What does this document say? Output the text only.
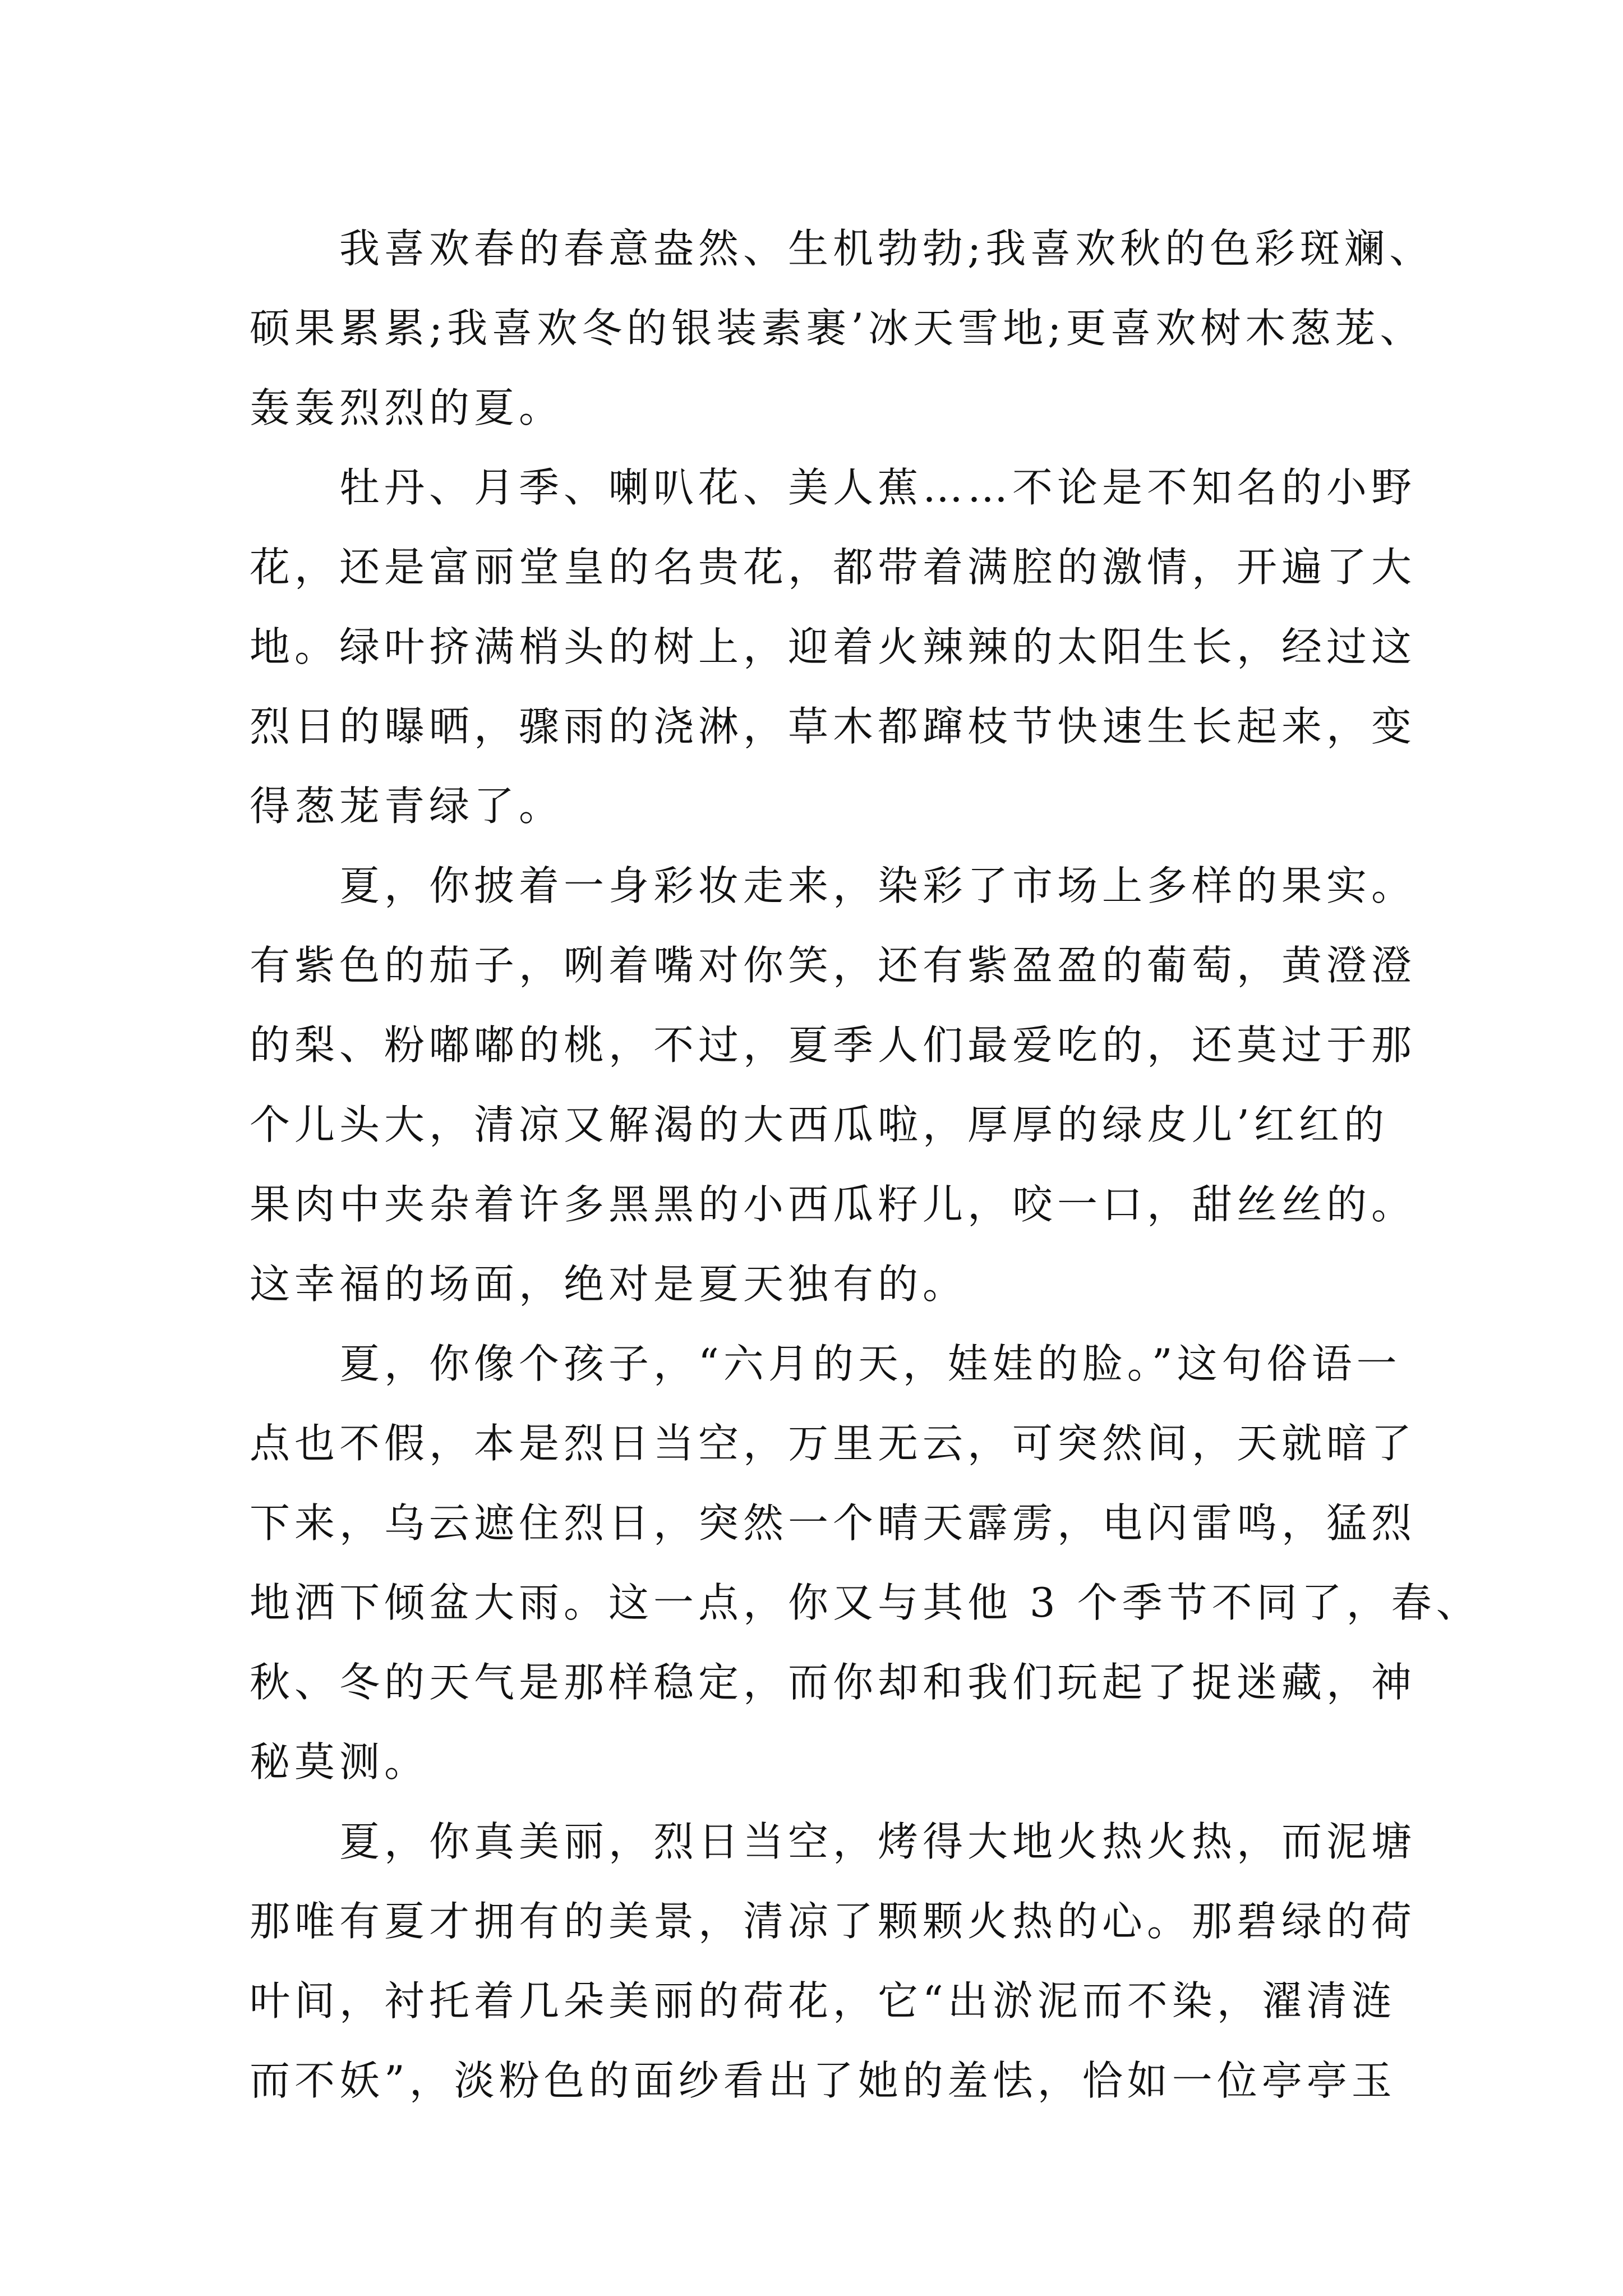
我喜欢春的春意盎然、生机勃勃;我喜欢秋的色彩斑斓、
硕果累累;我喜欢冬的银装素裹’冰天雪地;更喜欢树木葱茏、
轰轰烈烈的夏。
牡丹、月季、喇叭花、美人蕉……不论是不知名的小野
花，还是富丽堂皇的名贵花，都带着满腔的激情，开遍了大
地。绿叶挤满梢头的树上，迎着火辣辣的太阳生长，经过这
烈日的曝晒，骤雨的浇淋，草木都蹿枝节快速生长起来，变
得葱茏青绿了。
夏，你披着一身彩妆走来，染彩了市场上多样的果实。
有紫色的茄子，咧着嘴对你笑，还有紫盈盈的葡萄，黄澄澄
的梨、粉嘟嘟的桃，不过，夏季人们最爱吃的，还莫过于那
个儿头大，清凉又解渴的大西瓜啦，厚厚的绿皮儿’红红的
果肉中夹杂着许多黑黑的小西瓜籽儿，咬一口，甜丝丝的。
这幸福的场面，绝对是夏天独有的。
夏，你像个孩子，“六月的天，娃娃的脸。”这句俗语一
点也不假，本是烈日当空，万里无云，可突然间，天就暗了
下来，乌云遮住烈日，突然一个晴天霹雳，电闪雷鸣，猛烈
地洒下倾盆大雨。这一点，你又与其他 3 个季节不同了，春、
秋、冬的天气是那样稳定，而你却和我们玩起了捉迷藏，神
秘莫测。
夏，你真美丽，烈日当空，烤得大地火热火热，而泥塘
那唯有夏才拥有的美景，清凉了颗颗火热的心。那碧绿的荷
叶间，衬托着几朵美丽的荷花，它“出淤泥而不染，濯清涟
而不妖”，淡粉色的面纱看出了她的羞怯，恰如一位亭亭玉
